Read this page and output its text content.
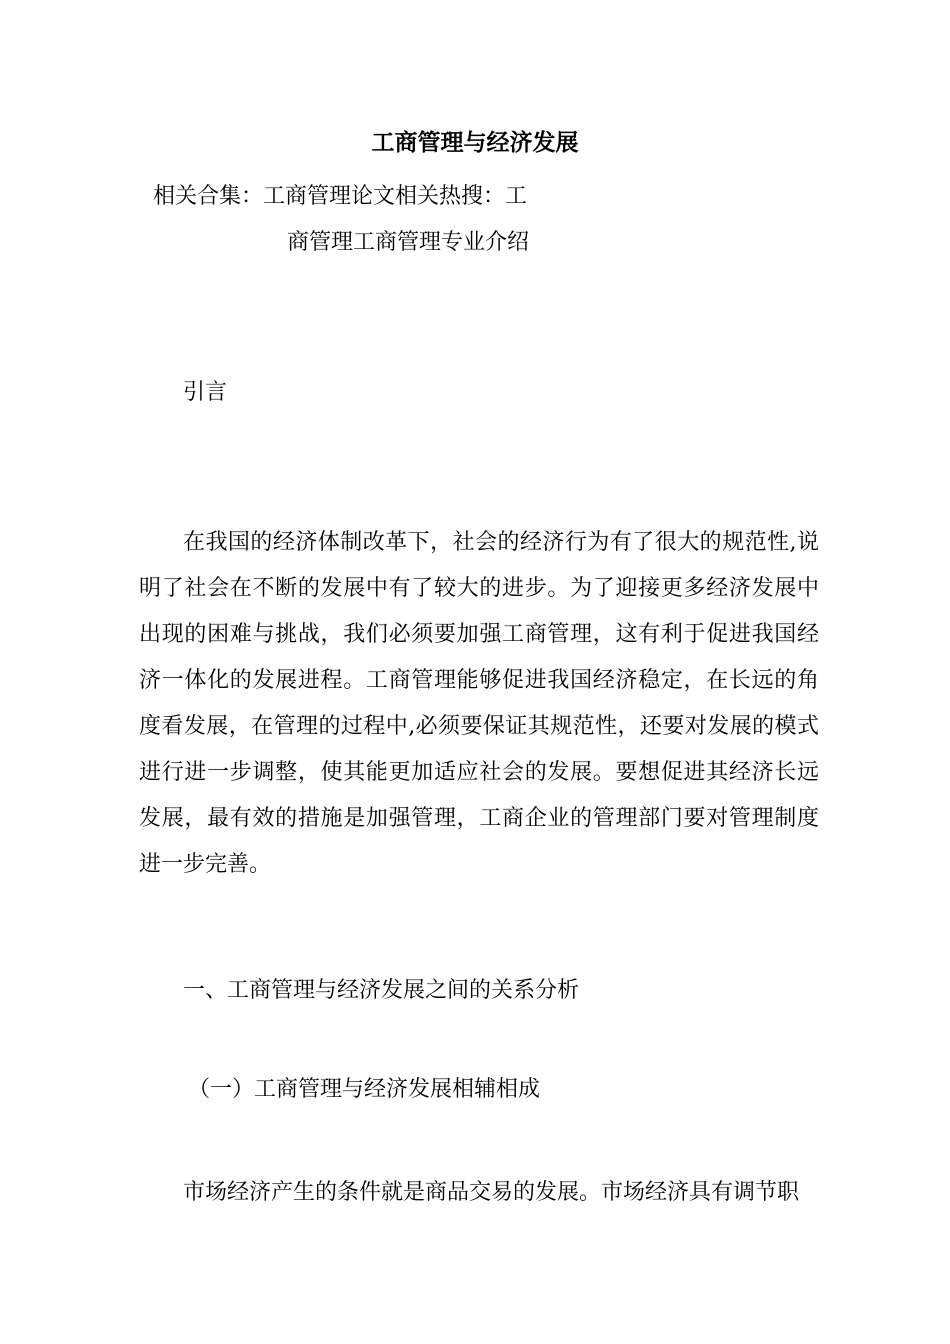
工商管理与经济发展

相关合集：工商管理论文相关热搜：工

商管理工商管理专业介绍

引言
在我国的经济体制改革下，社会的经济行为有了很大的规范性,说
明了社会在不断的发展中有了较大的进步。为了迎接更多经济发展中
出现的困难与挑战，我们必须要加强工商管理，这有利于促进我国经
济一体化的发展进程。工商管理能够促进我国经济稳定，在长远的角
度看发展，在管理的过程中,必须要保证其规范性，还要对发展的模式
进行进一步调整，使其能更加适应社会的发展。要想促进其经济长远
发展，最有效的措施是加强管理，工商企业的管理部门要对管理制度
进一步完善。
一、工商管理与经济发展之间的关系分析
（一）工商管理与经济发展相辅相成

市场经济产生的条件就是商品交易的发展。市场经济具有调节职
